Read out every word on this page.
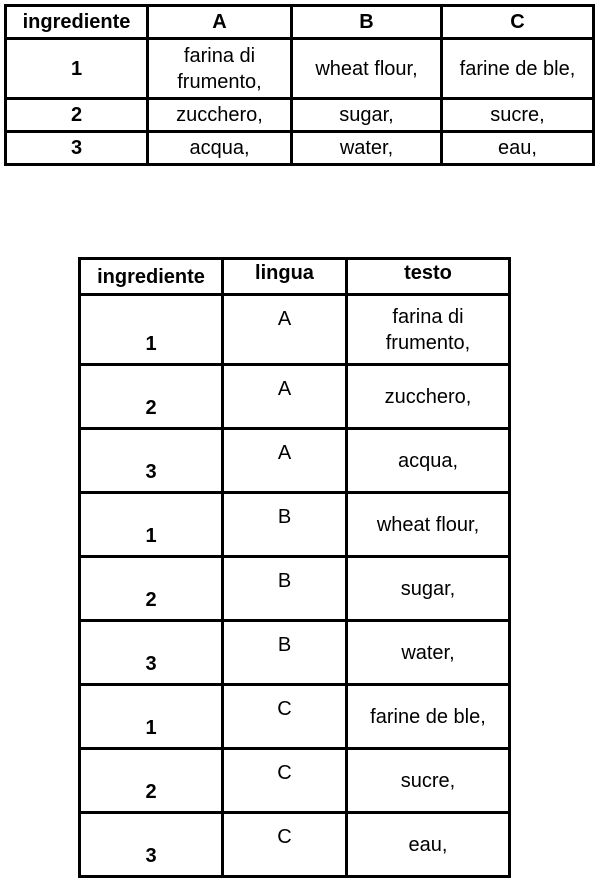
ingrediente	A	B	C
1	farina di frumento,	wheat flour,	farine de ble,
2	zucchero,	sugar,	sucre,
3	acqua,	water,	eau,
ingrediente	lingua	testo
1	A	farina di frumento,
2	A	zucchero,
3	A	acqua,
1	B	wheat flour,
2	B	sugar,
3	B	water,
1	C	farine de ble,
2	C	sucre,
3	C	eau,
